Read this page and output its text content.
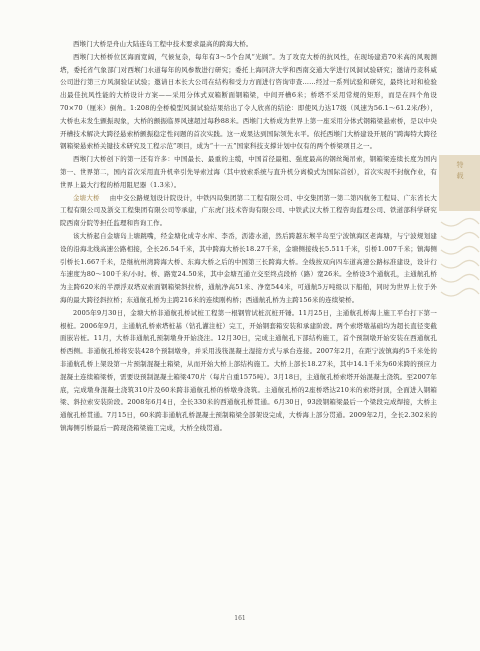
西堠门大桥是舟山大陆连岛工程中技术要求最高的跨海大桥。

西堠门大桥桥位区海面宽阔，气候复杂，每年有3～5个台风“光顾”。为了攻克大桥的抗风性，在现场建造70米高的风观测塔，委托省气象部门对西堠门水道每年的风参数进行研究；委托上海同济大学和西南交通大学进行风洞试验研究；邀请丹麦科威公司进行第三方风洞验证试验；邀请日本长大公司在结构和受力方面进行咨询审查……经过一系列试验和研究，最终比对和检验出最佳抗风性能的大桥设计方案——采用分体式双箱断面钢箱梁，中间开槽6米；桥塔不采用常规的矩形，而是在四个角设70×70（厘米）倒角。1:208的全桥模型风洞试验结果给出了令人欣喜的结论：即使风力达17级（风速为56.1～61.2米/秒），大桥也未发生颤振现象，大桥的颤振临界风速超过每秒88米。西堠门大桥成为世界上第一座采用分体式钢箱梁悬索桥，是以中央开槽技术解决大跨径悬索桥颤振稳定性问题的首次实践。这一成果达到国际领先水平。依托西堠门大桥建设开展的“跨海特大跨径钢箱梁悬索桥关键技术研究及工程示范”项目，成为“十一五”国家科技支撑计划中仅有的两个桥梁项目之一。

西堠门大桥创下的第一还有许多：中国最长、最重的主缆，中国首径最粗、强度最高的钢丝绳吊索，钢箱梁连续长度为国内第一、世界第二，国内首次采用直升机牵引先导索过海（其中放索系统与直升机分离模式为国际首创），首次实现不封航作业，有世界上最大行程的桥用阻尼器（1.3米）。

金塘大桥 由中交公路规划设计院设计，中铁四局集团第二工程有限公司、中交集团第一第二第四航务工程局、广东省长大工程有限公司及浙交工程集团有限公司等承建，广东虎门技术咨询有限公司、中铁武汉大桥工程咨询监理公司、铁道部科学研究院西南分院等担任监理和咨询工作。

该大桥起自金塘岛上塘跳嘴，经金塘化成寺水库、李岙，沥港水道，然后跨越东堠半岛至宁波镇海区老海塘，与宁波规划建设的沿海北线高速公路相接，全长26.54千米，其中跨海大桥长18.27千米，金塘侧接线长5.511千米，引桥1.007千米；镇海侧引桥长1.667千米，是继杭州湾跨海大桥、东海大桥之后的中国第三长跨海大桥。全线按双向四车道高速公路标准建设，设计行车速度为80～100千米/小时。桥、路宽24.50米，其中金塘互通立交至终点段桥（路）宽26米。全桥设3个通航孔，主通航孔桥为主跨620米的半漂浮双塔双索面钢箱梁斜拉桥，通航净高51米、净宽544米，可通航5万吨级以下船舶，同时为世界上位于外海的最大跨径斜拉桥；东通航孔桥为主跨216米的连续刚构桥；西通航孔桥为主跨156米的连续梁桥。

2005年9月30日，金塘大桥非通航孔桥试桩工程第一根钢管试桩沉桩开锤。11月25日，主通航孔桥海上施工平台打下第一根桩。2006年9月，主通航孔桥索塔桩基（钻孔灌注桩）完工，开始钢套箱安装和承建阶段。两个索塔墩基础均为超长直径变截面嵌岩桩。11月，大桥非通航孔预制墩身开始浇注。12月30日，完成主通航孔下部结构施工，首个预制墩开始安装在西通航孔桥西侧。非通航孔桥将安装428个预制墩身，并采用浅筏混凝土湿接方式与承台连接。2007年2月，在距宁波镇海约5千米处的非通航孔桥上架设第一片预制混凝土箱梁，从而开始大桥上部结构施工。大桥上部长18.27米，其中14.1千米为60米跨的预应力混凝土连续箱梁桥，需要设预制混凝土箱梁470片（每片自重1575吨）。3月18日，主通航孔桥索塔开始混凝土浇筑。至2007年底，完成墩身混凝土浇筑310片及60米跨非通航孔桥的桥墩身浇筑。主通航孔桥的2座桥塔达210米的索塔封顶，全面进入钢箱梁、斜拉索安装阶段。2008年6月4日，全长330米的西通航孔桥贯通。6月30日，93段钢箱梁最后一个梁段完成焊接，大桥主通航孔桥贯通。7月15日，60米跨非通航孔桥混凝土预制箱梁全部架设完成，大桥海上部分贯通。2009年2月，全长2.302米的镇海侧引桥最后一跨现浇箱梁施工完成，大桥全线贯通。

特载
161
